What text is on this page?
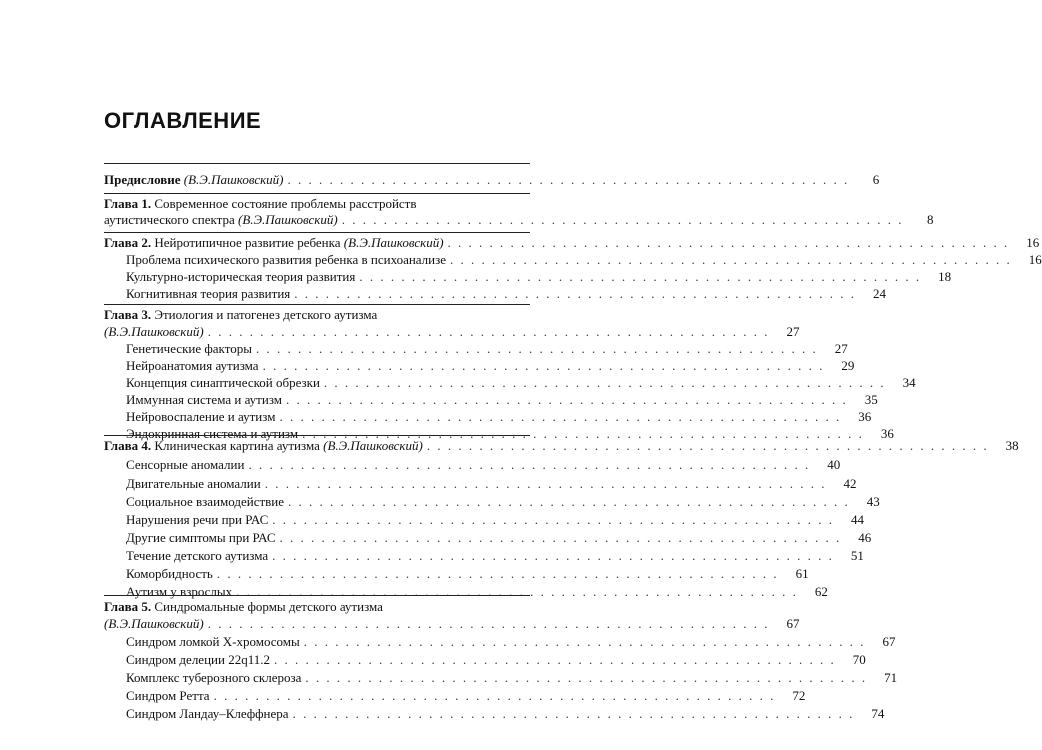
ОГЛАВЛЕНИЕ
Предисловие (В.Э.Пашковский) . . . . . . . . . . . . . . . . . . . . . . . . . . . . . . . . . . . . . . . . . . . . . . . . . . . . . .	6
Глава 1. Современное состояние проблемы расстройств
аутистического спектра (В.Э.Пашковский) . . . . . . . . . . . . . . . . . . . . . . . . . . . . . . . . . . . . . . . . . . . . . . . . . . . . . .	8
Глава 2. Нейротипичное развитие ребенка (В.Э.Пашковский) . . . . . . . . . . . . . . . . . . . . . . . . . . . . . . . . . . . . . . . . . . . . . . . . . . . . . .	16
Проблема психического развития ребенка в психоанализе . . . . . . . . . . . . . . . . . . . . . . . . . . . . . . . . . . . . . . . . . . . . . . . . . . . . . .	16
Культурно-историческая теория развития . . . . . . . . . . . . . . . . . . . . . . . . . . . . . . . . . . . . . . . . . . . . . . . . . . . . . .	18
Когнитивная теория развития . . . . . . . . . . . . . . . . . . . . . . . . . . . . . . . . . . . . . . . . . . . . . . . . . . . . . .	24
Глава 3. Этиология и патогенез детского аутизма
(В.Э.Пашковский) . . . . . . . . . . . . . . . . . . . . . . . . . . . . . . . . . . . . . . . . . . . . . . . . . . . . . .	27
Генетические факторы . . . . . . . . . . . . . . . . . . . . . . . . . . . . . . . . . . . . . . . . . . . . . . . . . . . . . .	27
Нейроанатомия аутизма . . . . . . . . . . . . . . . . . . . . . . . . . . . . . . . . . . . . . . . . . . . . . . . . . . . . . .	29
Концепция синаптической обрезки . . . . . . . . . . . . . . . . . . . . . . . . . . . . . . . . . . . . . . . . . . . . . . . . . . . . . .	34
Иммунная система и аутизм . . . . . . . . . . . . . . . . . . . . . . . . . . . . . . . . . . . . . . . . . . . . . . . . . . . . . .	35
Нейровоспаление и аутизм . . . . . . . . . . . . . . . . . . . . . . . . . . . . . . . . . . . . . . . . . . . . . . . . . . . . . .	36
Эндокринная система и аутизм . . . . . . . . . . . . . . . . . . . . . . . . . . . . . . . . . . . . . . . . . . . . . . . . . . . . . .	36
Глава 4. Клиническая картина аутизма (В.Э.Пашковский) . . . . . . . . . . . . . . . . . . . . . . . . . . . . . . . . . . . . . . . . . . . . . . . . . . . . . .	38
Сенсорные аномалии . . . . . . . . . . . . . . . . . . . . . . . . . . . . . . . . . . . . . . . . . . . . . . . . . . . . . .	40
Двигательные аномалии . . . . . . . . . . . . . . . . . . . . . . . . . . . . . . . . . . . . . . . . . . . . . . . . . . . . . .	42
Социальное взаимодействие . . . . . . . . . . . . . . . . . . . . . . . . . . . . . . . . . . . . . . . . . . . . . . . . . . . . . .	43
Нарушения речи при РАС . . . . . . . . . . . . . . . . . . . . . . . . . . . . . . . . . . . . . . . . . . . . . . . . . . . . . .	44
Другие симптомы при РАС . . . . . . . . . . . . . . . . . . . . . . . . . . . . . . . . . . . . . . . . . . . . . . . . . . . . . .	46
Течение детского аутизма . . . . . . . . . . . . . . . . . . . . . . . . . . . . . . . . . . . . . . . . . . . . . . . . . . . . . .	51
Коморбидность . . . . . . . . . . . . . . . . . . . . . . . . . . . . . . . . . . . . . . . . . . . . . . . . . . . . . .	61
Аутизм у взрослых . . . . . . . . . . . . . . . . . . . . . . . . . . . . . . . . . . . . . . . . . . . . . . . . . . . . . .	62
Глава 5. Синдромальные формы детского аутизма
(В.Э.Пашковский) . . . . . . . . . . . . . . . . . . . . . . . . . . . . . . . . . . . . . . . . . . . . . . . . . . . . . .	67
Синдром ломкой Х-хромосомы . . . . . . . . . . . . . . . . . . . . . . . . . . . . . . . . . . . . . . . . . . . . . . . . . . . . . .	67
Синдром делеции 22q11.2 . . . . . . . . . . . . . . . . . . . . . . . . . . . . . . . . . . . . . . . . . . . . . . . . . . . . . .	70
Комплекс туберозного склероза . . . . . . . . . . . . . . . . . . . . . . . . . . . . . . . . . . . . . . . . . . . . . . . . . . . . . .	71
Синдром Ретта . . . . . . . . . . . . . . . . . . . . . . . . . . . . . . . . . . . . . . . . . . . . . . . . . . . . . .	72
Синдром Ландау–Клеффнера . . . . . . . . . . . . . . . . . . . . . . . . . . . . . . . . . . . . . . . . . . . . . . . . . . . . . .	74
